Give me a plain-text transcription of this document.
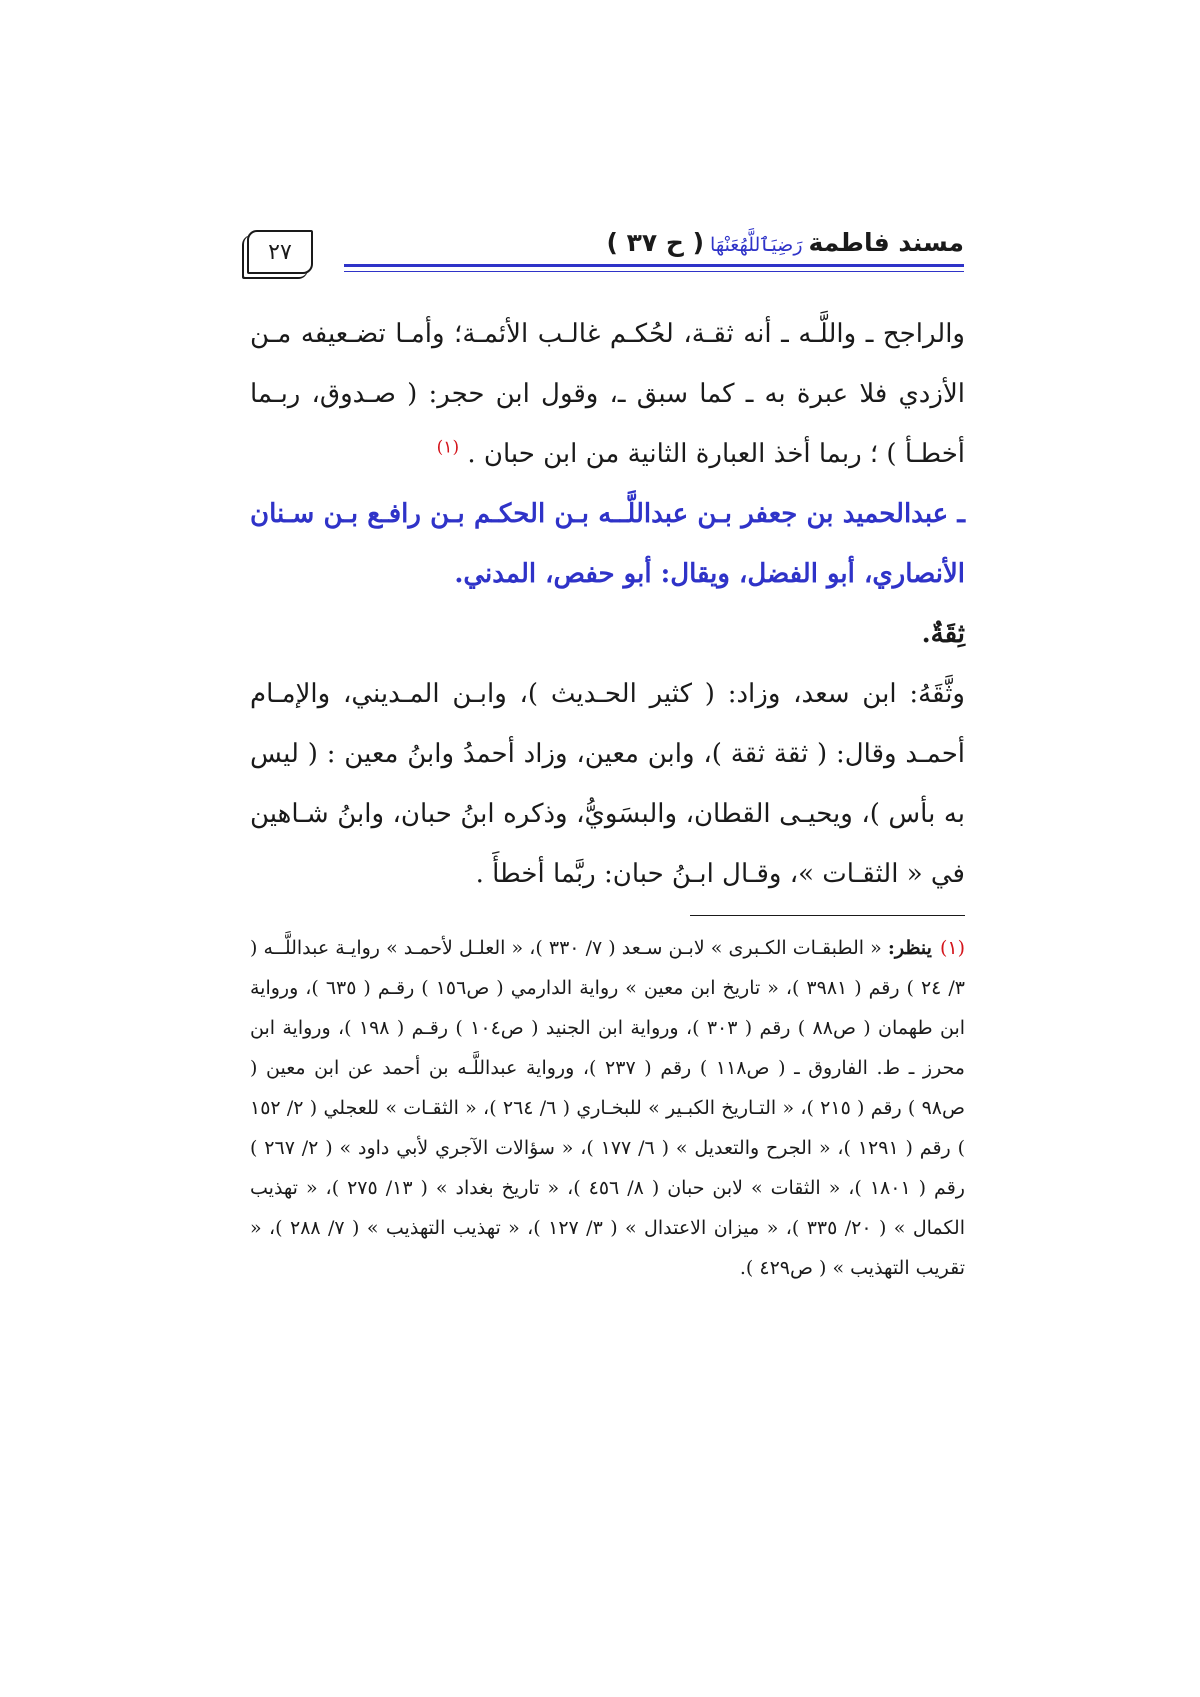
مسند فاطمةرَضِيَٱللَّهُعَنْهَا( ح ٣٧ )
٢٧

والراجح ـ واللَّـه ـ أنه ثقـة، لحُكـم غالـب الأئمـة؛ وأمـا تضـعيفه مـن الأزدي فلا عبرة به ـ كما سبق ـ، وقول ابن حجر: ( صـدوق، ربـما أخطـأ ) ؛ ربما أخذ العبارة الثانية من ابن حبان . $^{(١)}$

ـ عبدالحميد بن جعفر بـن عبداللَّــه بـن الحكـم بـن رافـع بـن سـنان الأنصاري، أبو الفضل، ويقال: أبو حفص، المدني.

ثِقَةٌ.

وثَّقَهُ: ابن سعد، وزاد: ( كثير الحـديث )، وابـن المـديني، والإمـام أحمـد وقال: ( ثقة ثقة )، وابن معين، وزاد أحمدُ وابنُ معين : ( ليس به بأس )، ويحيـى القطان، والبسَويُّ، وذكره ابنُ حبان، وابنُ شـاهين في « الثقـات »، وقـال ابـنُ حبان: ربَّما أخطأَ .

(١)ينظر: « الطبقـات الكـبرى » لابـن سـعد ( ٧/ ٣٣٠ )، « العلـل لأحمـد » روايـة عبداللَّــه ( ٣/ ٢٤ ) رقم ( ٣٩٨١ )، « تاريخ ابن معين » رواية الدارمي ( ص١٥٦ ) رقـم ( ٦٣٥ )، ورواية ابن طهمان ( ص٨٨ ) رقم ( ٣٠٣ )، ورواية ابن الجنيد ( ص١٠٤ ) رقـم ( ١٩٨ )، ورواية ابن محرز ـ ط. الفاروق ـ ( ص١١٨ ) رقم ( ٢٣٧ )، ورواية عبداللَّـه بن أحمد عن ابن معين ( ص٩٨ ) رقم ( ٢١٥ )، « التـاريخ الكبـير » للبخـاري ( ٦/ ٢٦٤ )، « الثقـات » للعجلي ( ٢/ ١٥٢ ) رقم ( ١٢٩١ )، « الجرح والتعديل » ( ٦/ ١٧٧ )، « سؤالات الآجري لأبي داود » ( ٢/ ٢٦٧ ) رقم ( ١٨٠١ )، « الثقات » لابن حبان ( ٨/ ٤٥٦ )، « تاريخ بغداد » ( ١٣/ ٢٧٥ )، « تهذيب الكمال » ( ٢٠/ ٣٣٥ )، « ميزان الاعتدال » ( ٣/ ١٢٧ )، « تهذيب التهذيب » ( ٧/ ٢٨٨ )، « تقريب التهذيب » ( ص٤٢٩ ).
